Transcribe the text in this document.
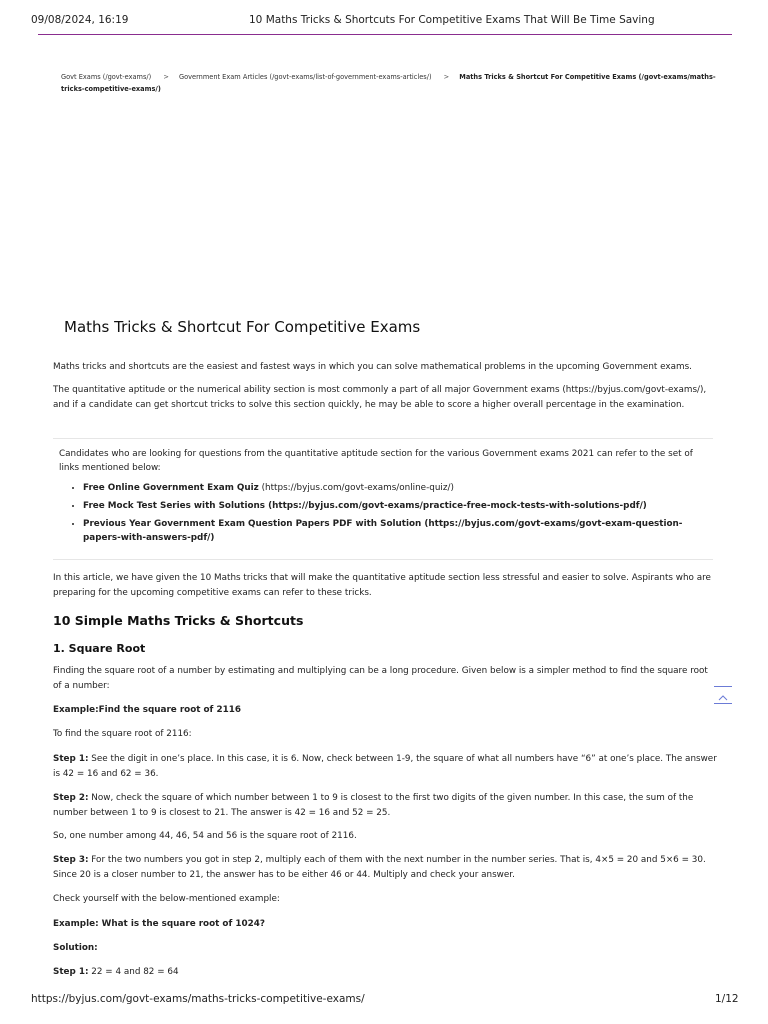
09/08/2024, 16:19	10 Maths Tricks & Shortcuts For Competitive Exams That Will Be Time Saving
Govt Exams (/govt-exams/) > Government Exam Articles (/govt-exams/list-of-government-exams-articles/) > Maths Tricks & Shortcut For Competitive Exams (/govt-exams/maths-tricks-competitive-exams/)
Maths Tricks & Shortcut For Competitive Exams

Maths tricks and shortcuts are the easiest and fastest ways in which you can solve mathematical problems in the upcoming Government exams.

The quantitative aptitude or the numerical ability section is most commonly a part of all major Government exams (https://byjus.com/govt-exams/), and if a candidate can get shortcut tricks to solve this section quickly, he may be able to score a higher overall percentage in the examination.

Candidates who are looking for questions from the quantitative aptitude section for the various Government exams 2021 can refer to the set of links mentioned below:
• Free Online Government Exam Quiz (https://byjus.com/govt-exams/online-quiz/)
• Free Mock Test Series with Solutions (https://byjus.com/govt-exams/practice-free-mock-tests-with-solutions-pdf/)
• Previous Year Government Exam Question Papers PDF with Solution (https://byjus.com/govt-exams/govt-exam-question-papers-with-answers-pdf/)

In this article, we have given the 10 Maths tricks that will make the quantitative aptitude section less stressful and easier to solve. Aspirants who are preparing for the upcoming competitive exams can refer to these tricks.

10 Simple Maths Tricks & Shortcuts
1. Square Root

Finding the square root of a number by estimating and multiplying can be a long procedure. Given below is a simpler method to find the square root of a number:

Example:Find the square root of 2116

To find the square root of 2116:

Step 1: See the digit in one’s place. In this case, it is 6. Now, check between 1-9, the square of what all numbers have “6” at one’s place. The answer is 42 = 16 and 62 = 36.

Step 2: Now, check the square of which number between 1 to 9 is closest to the first two digits of the given number. In this case, the sum of the number between 1 to 9 is closest to 21. The answer is 42 = 16 and 52 = 25.

So, one number among 44, 46, 54 and 56 is the square root of 2116.

Step 3: For the two numbers you got in step 2, multiply each of them with the next number in the number series. That is, 4×5 = 20 and 5×6 = 30. Since 20 is a closer number to 21, the answer has to be either 46 or 44. Multiply and check your answer.

Check yourself with the below-mentioned example:

Example: What is the square root of 1024?

Solution:

Step 1: 22 = 4 and 82 = 64

https://byjus.com/govt-exams/maths-tricks-competitive-exams/	1/12
